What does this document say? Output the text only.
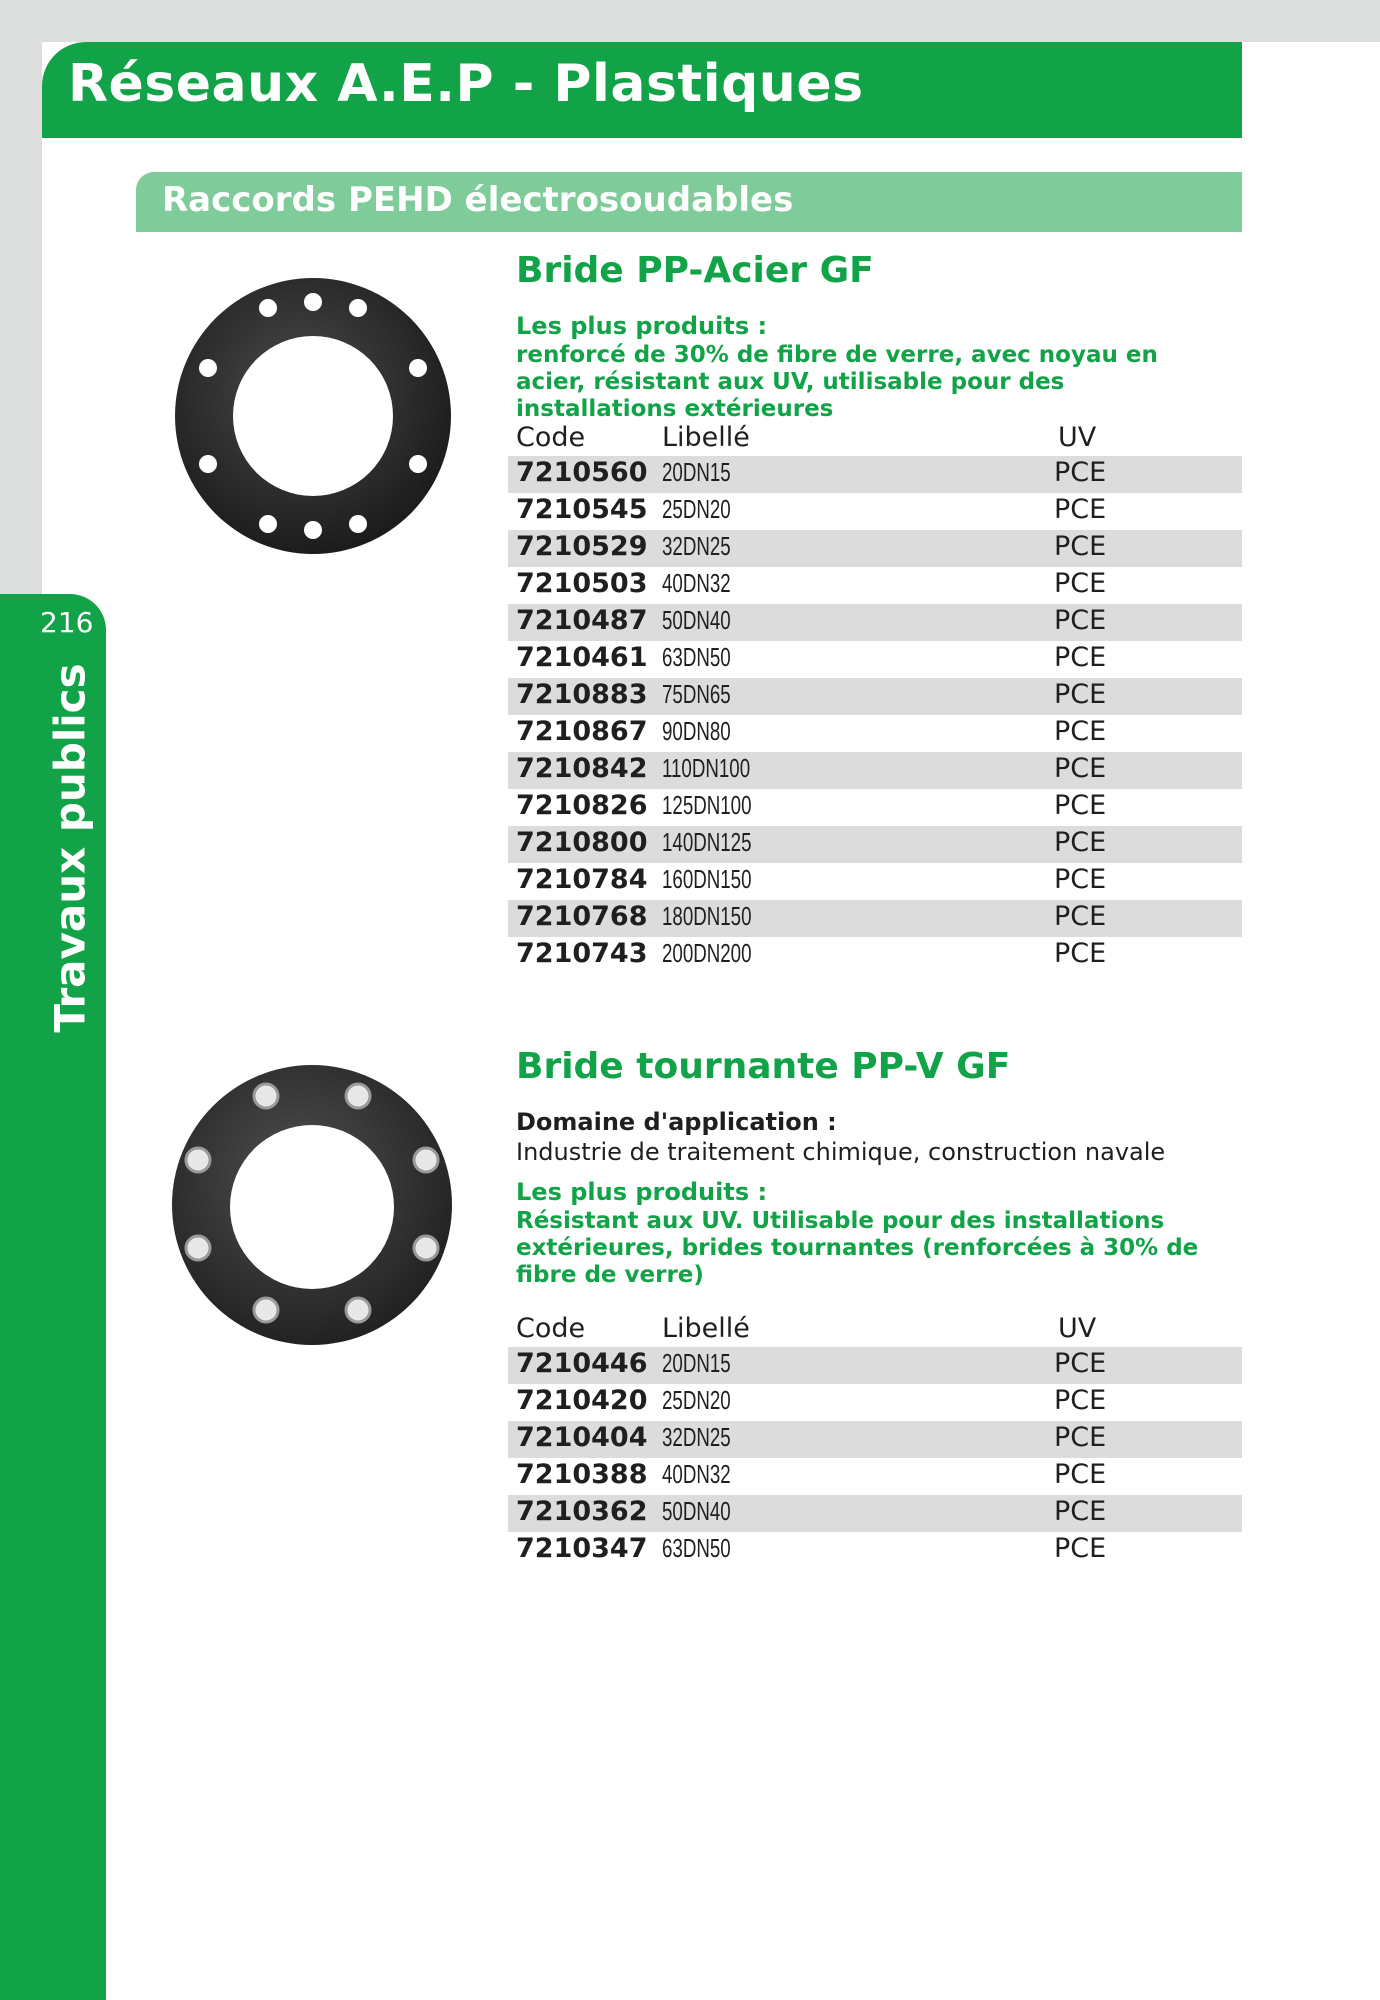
Réseaux A.E.P - Plastiques
Raccords PEHD électrosoudables
216
Travaux publics
Bride PP-Acier GF
Les plus produits :
renforcé de 30% de fibre de verre, avec noyau en acier, résistant aux UV, utilisable pour des installations extérieures
Code	Libellé	UV
7210560 20DN15	PCE
7210545 25DN20	PCE
7210529 32DN25	PCE
7210503 40DN32	PCE
7210487 50DN40	PCE
7210461 63DN50	PCE
7210883 75DN65	PCE
7210867 90DN80	PCE
7210842 110DN100	PCE
7210826 125DN100	PCE
7210800 140DN125	PCE
7210784 160DN150	PCE
7210768 180DN150	PCE
7210743 200DN200	PCE
Bride tournante PP-V GF
Domaine d'application :
Industrie de traitement chimique, construction navale
Les plus produits :
Résistant aux UV. Utilisable pour des installations extérieures, brides tournantes (renforcées à 30% de fibre de verre)
Code	Libellé	UV
7210446 20DN15	PCE
7210420 25DN20	PCE
7210404 32DN25	PCE
7210388 40DN32	PCE
7210362 50DN40	PCE
7210347 63DN50	PCE
